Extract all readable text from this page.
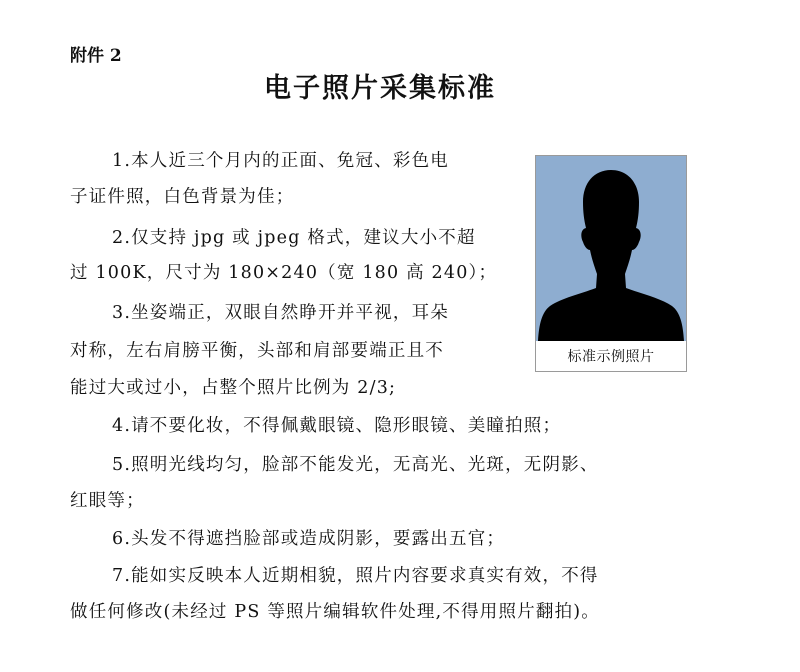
附件 2
电子照片采集标准
1.本人近三个月内的正面、免冠、彩色电
子证件照，白色背景为佳；
2.仅支持 jpg 或 jpeg 格式，建议大小不超
过 100K，尺寸为 180×240（宽 180 高 240）；
3.坐姿端正，双眼自然睁开并平视，耳朵
对称，左右肩膀平衡，头部和肩部要端正且不
能过大或过小，占整个照片比例为 2/3;
4.请不要化妆，不得佩戴眼镜、隐形眼镜、美瞳拍照；
5.照明光线均匀，脸部不能发光，无高光、光斑，无阴影、
红眼等；
6.头发不得遮挡脸部或造成阴影，要露出五官；
7.能如实反映本人近期相貌，照片内容要求真实有效，不得
做任何修改(未经过 PS 等照片编辑软件处理,不得用照片翻拍)。
标准示例照片
